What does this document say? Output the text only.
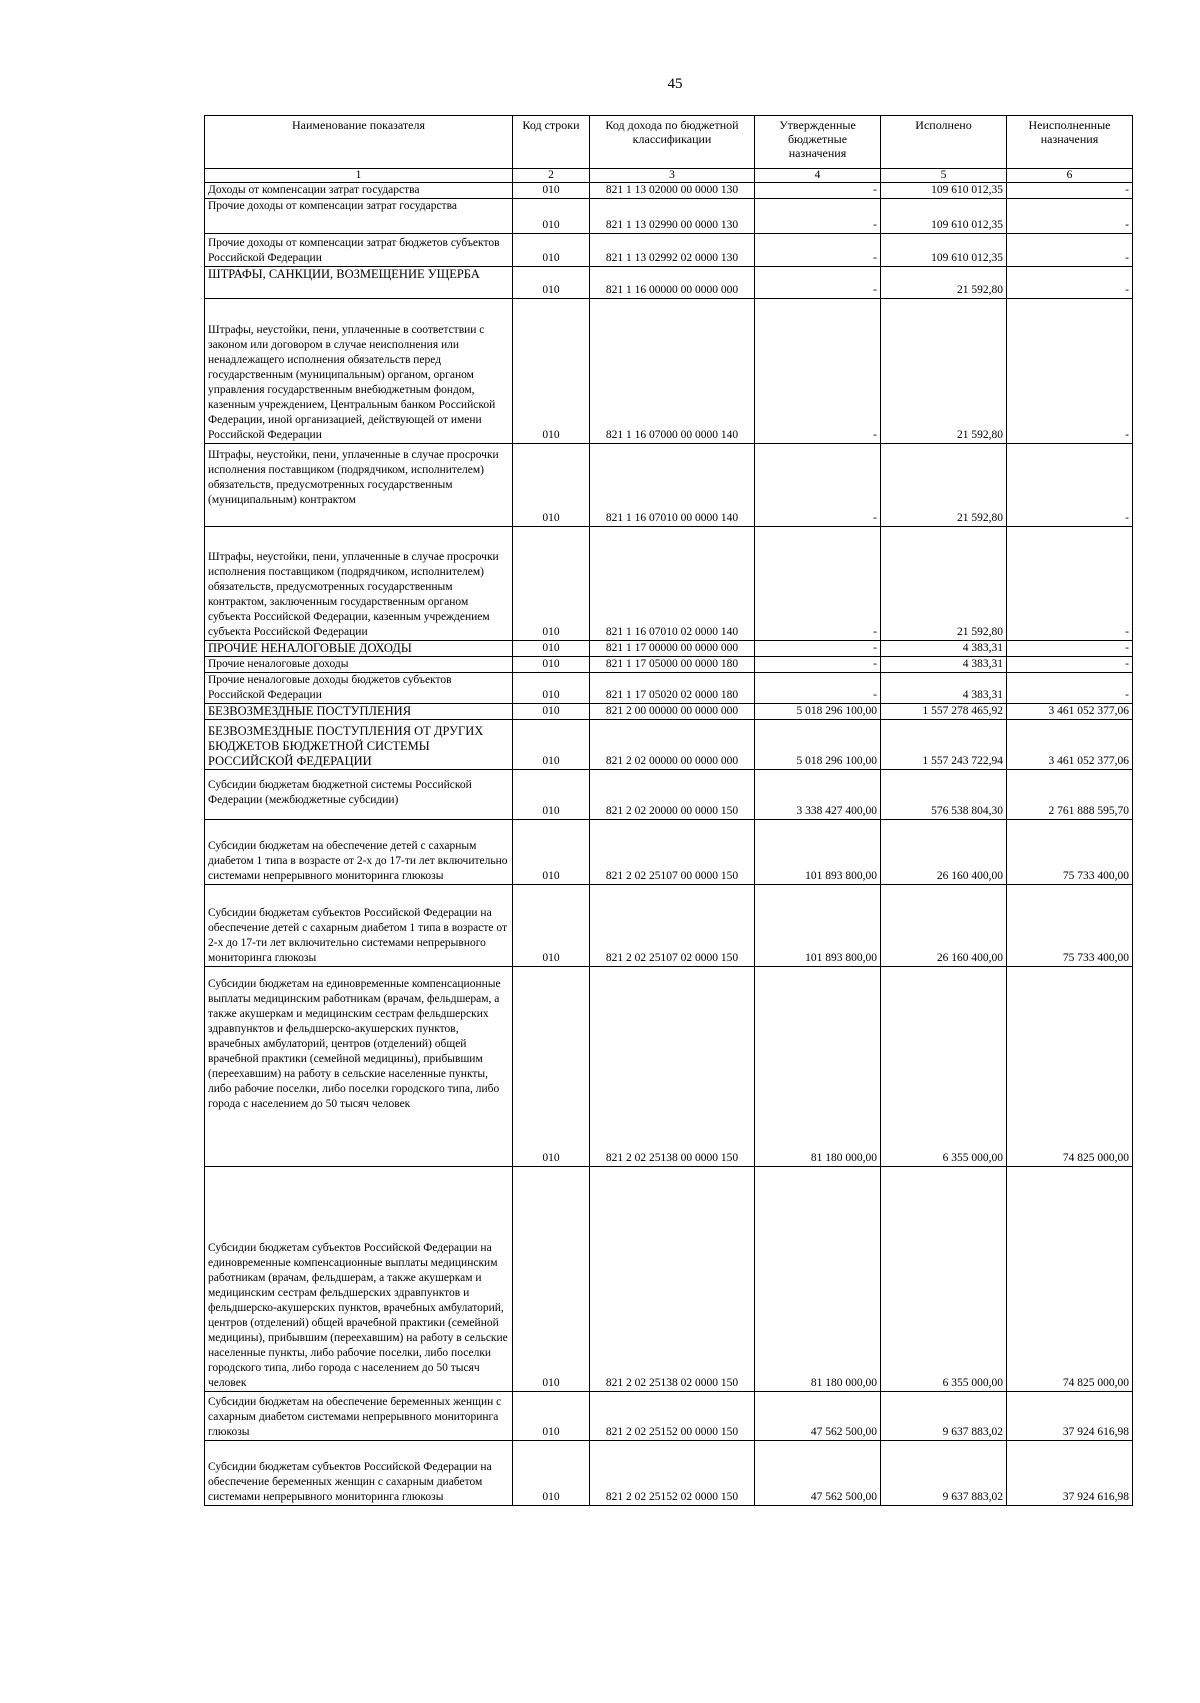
45
Наименование показателя	Код строки	Код дохода по бюджетной классификации	Утвержденные бюджетные назначения	Исполнено	Неисполненные назначения
1	2	3	4	5	6
Доходы от компенсации затрат государства	010	821 1 13 02000 00 0000 130	-	109 610 012,35	-
Прочие доходы от компенсации затрат государства	010	821 1 13 02990 00 0000 130	-	109 610 012,35	-
Прочие доходы от компенсации затрат бюджетов субъектов Российской Федерации	010	821 1 13 02992 02 0000 130	-	109 610 012,35	-
ШТРАФЫ, САНКЦИИ, ВОЗМЕЩЕНИЕ УЩЕРБА	010	821 1 16 00000 00 0000 000	-	21 592,80	-
Штрафы, неустойки, пени, уплаченные в соответствии с законом или договором в случае неисполнения или ненадлежащего исполнения обязательств перед государственным (муниципальным) органом, органом управления государственным внебюджетным фондом, казенным учреждением, Центральным банком Российской Федерации, иной организацией, действующей от имени Российской Федерации	010	821 1 16 07000 00 0000 140	-	21 592,80	-
Штрафы, неустойки, пени, уплаченные в случае просрочки исполнения поставщиком (подрядчиком, исполнителем) обязательств, предусмотренных государственным (муниципальным) контрактом	010	821 1 16 07010 00 0000 140	-	21 592,80	-
Штрафы, неустойки, пени, уплаченные в случае просрочки исполнения поставщиком (подрядчиком, исполнителем) обязательств, предусмотренных государственным контрактом, заключенным государственным органом субъекта Российской Федерации, казенным учреждением субъекта Российской Федерации	010	821 1 16 07010 02 0000 140	-	21 592,80	-
ПРОЧИЕ НЕНАЛОГОВЫЕ ДОХОДЫ	010	821 1 17 00000 00 0000 000	-	4 383,31	-
Прочие неналоговые доходы	010	821 1 17 05000 00 0000 180	-	4 383,31	-
Прочие неналоговые доходы бюджетов субъектов Российской Федерации	010	821 1 17 05020 02 0000 180	-	4 383,31	-
БЕЗВОЗМЕЗДНЫЕ ПОСТУПЛЕНИЯ	010	821 2 00 00000 00 0000 000	5 018 296 100,00	1 557 278 465,92	3 461 052 377,06
БЕЗВОЗМЕЗДНЫЕ ПОСТУПЛЕНИЯ ОТ ДРУГИХ БЮДЖЕТОВ БЮДЖЕТНОЙ СИСТЕМЫ РОССИЙСКОЙ ФЕДЕРАЦИИ	010	821 2 02 00000 00 0000 000	5 018 296 100,00	1 557 243 722,94	3 461 052 377,06
Субсидии бюджетам бюджетной системы Российской Федерации (межбюджетные субсидии)	010	821 2 02 20000 00 0000 150	3 338 427 400,00	576 538 804,30	2 761 888 595,70
Субсидии бюджетам на обеспечение детей с сахарным диабетом 1 типа в возрасте от 2-х до 17-ти лет включительно системами непрерывного мониторинга глюкозы	010	821 2 02 25107 00 0000 150	101 893 800,00	26 160 400,00	75 733 400,00
Субсидии бюджетам субъектов Российской Федерации на обеспечение детей с сахарным диабетом 1 типа в возрасте от 2-х до 17-ти лет включительно системами непрерывного мониторинга глюкозы	010	821 2 02 25107 02 0000 150	101 893 800,00	26 160 400,00	75 733 400,00
Субсидии бюджетам на единовременные компенсационные выплаты медицинским работникам (врачам, фельдшерам, а также акушеркам и медицинским сестрам фельдшерских здравпунктов и фельдшерско-акушерских пунктов, врачебных амбулаторий, центров (отделений) общей врачебной практики (семейной медицины), прибывшим (переехавшим) на работу в сельские населенные пункты, либо рабочие поселки, либо поселки городского типа, либо города с населением до 50 тысяч человек	010	821 2 02 25138 00 0000 150	81 180 000,00	6 355 000,00	74 825 000,00
Субсидии бюджетам субъектов Российской Федерации на единовременные компенсационные выплаты медицинским работникам (врачам, фельдшерам, а также акушеркам и медицинским сестрам фельдшерских здравпунктов и фельдшерско-акушерских пунктов, врачебных амбулаторий, центров (отделений) общей врачебной практики (семейной медицины), прибывшим (переехавшим) на работу в сельские населенные пункты, либо рабочие поселки, либо поселки городского типа, либо города с населением до 50 тысяч человек	010	821 2 02 25138 02 0000 150	81 180 000,00	6 355 000,00	74 825 000,00
Субсидии бюджетам на обеспечение беременных женщин с сахарным диабетом системами непрерывного мониторинга глюкозы	010	821 2 02 25152 00 0000 150	47 562 500,00	9 637 883,02	37 924 616,98
Субсидии бюджетам субъектов Российской Федерации на обеспечение беременных женщин с сахарным диабетом системами непрерывного мониторинга глюкозы	010	821 2 02 25152 02 0000 150	47 562 500,00	9 637 883,02	37 924 616,98
